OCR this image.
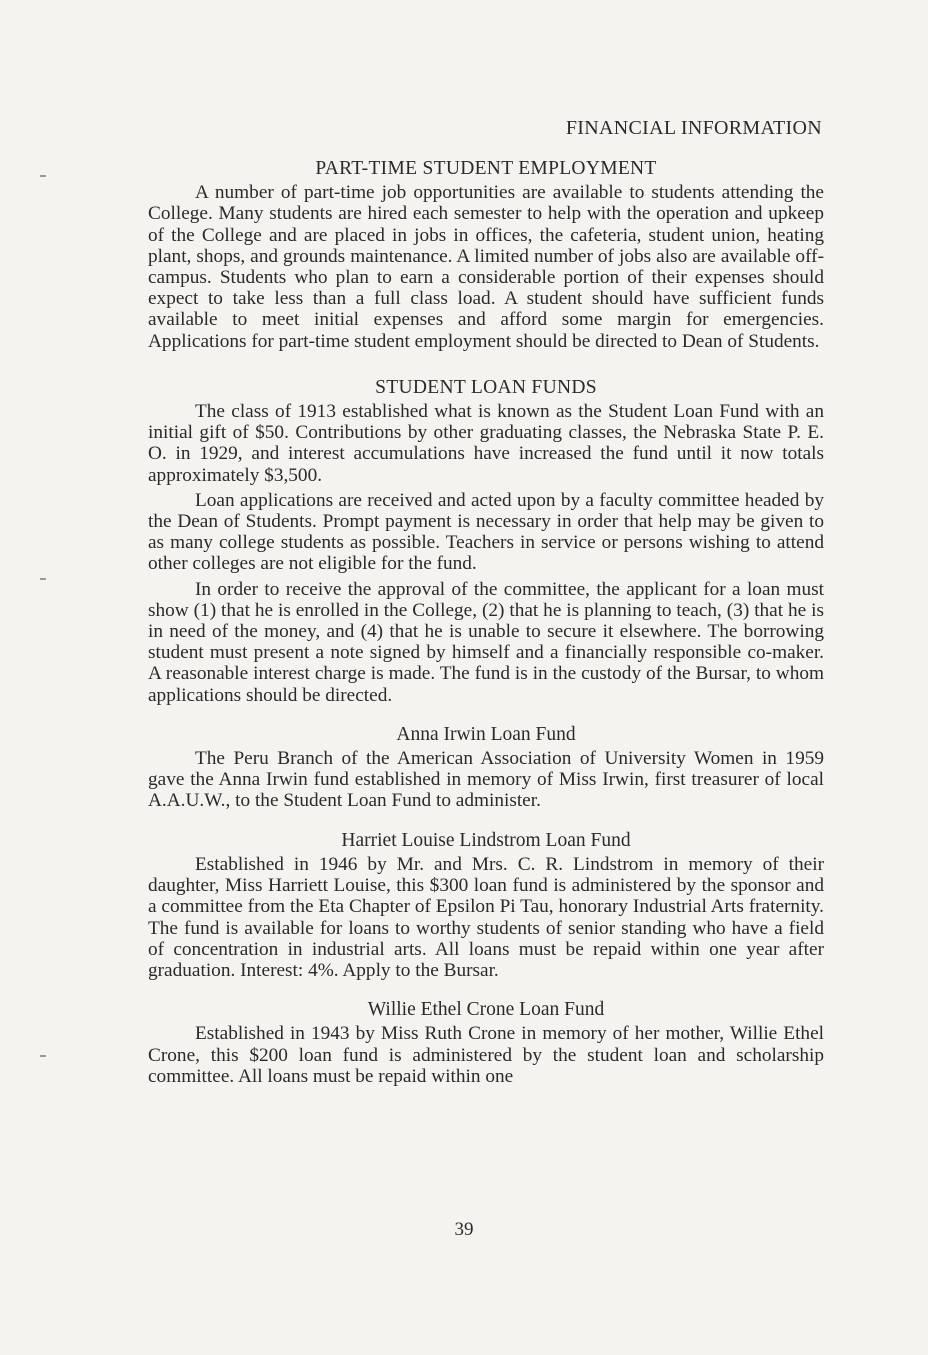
FINANCIAL INFORMATION
PART-TIME STUDENT EMPLOYMENT

A number of part-time job opportunities are available to students attending the College. Many students are hired each semester to help with the operation and upkeep of the College and are placed in jobs in offices, the cafeteria, student union, heating plant, shops, and grounds maintenance. A limited number of jobs also are available off-campus. Students who plan to earn a considerable portion of their expenses should expect to take less than a full class load. A student should have sufficient funds available to meet initial expenses and afford some margin for emergencies. Applications for part-time student employment should be directed to Dean of Students.

STUDENT LOAN FUNDS

The class of 1913 established what is known as the Student Loan Fund with an initial gift of $50. Contributions by other graduating classes, the Nebraska State P. E. O. in 1929, and interest accumulations have increased the fund until it now totals approximately $3,500.

Loan applications are received and acted upon by a faculty committee headed by the Dean of Students. Prompt payment is necessary in order that help may be given to as many college students as possible. Teachers in service or persons wishing to attend other colleges are not eligible for the fund.

In order to receive the approval of the committee, the applicant for a loan must show (1) that he is enrolled in the College, (2) that he is planning to teach, (3) that he is in need of the money, and (4) that he is unable to secure it elsewhere. The borrowing student must present a note signed by himself and a financially responsible co-maker. A reasonable interest charge is made. The fund is in the custody of the Bursar, to whom applications should be directed.

Anna Irwin Loan Fund

The Peru Branch of the American Association of University Women in 1959 gave the Anna Irwin fund established in memory of Miss Irwin, first treasurer of local A.A.U.W., to the Student Loan Fund to administer.

Harriet Louise Lindstrom Loan Fund

Established in 1946 by Mr. and Mrs. C. R. Lindstrom in memory of their daughter, Miss Harriett Louise, this $300 loan fund is administered by the sponsor and a committee from the Eta Chapter of Epsilon Pi Tau, honorary Industrial Arts fraternity. The fund is available for loans to worthy students of senior standing who have a field of concentration in industrial arts. All loans must be repaid within one year after graduation. Interest: 4%. Apply to the Bursar.

Willie Ethel Crone Loan Fund

Established in 1943 by Miss Ruth Crone in memory of her mother, Willie Ethel Crone, this $200 loan fund is administered by the student loan and scholarship committee. All loans must be repaid within one

39
